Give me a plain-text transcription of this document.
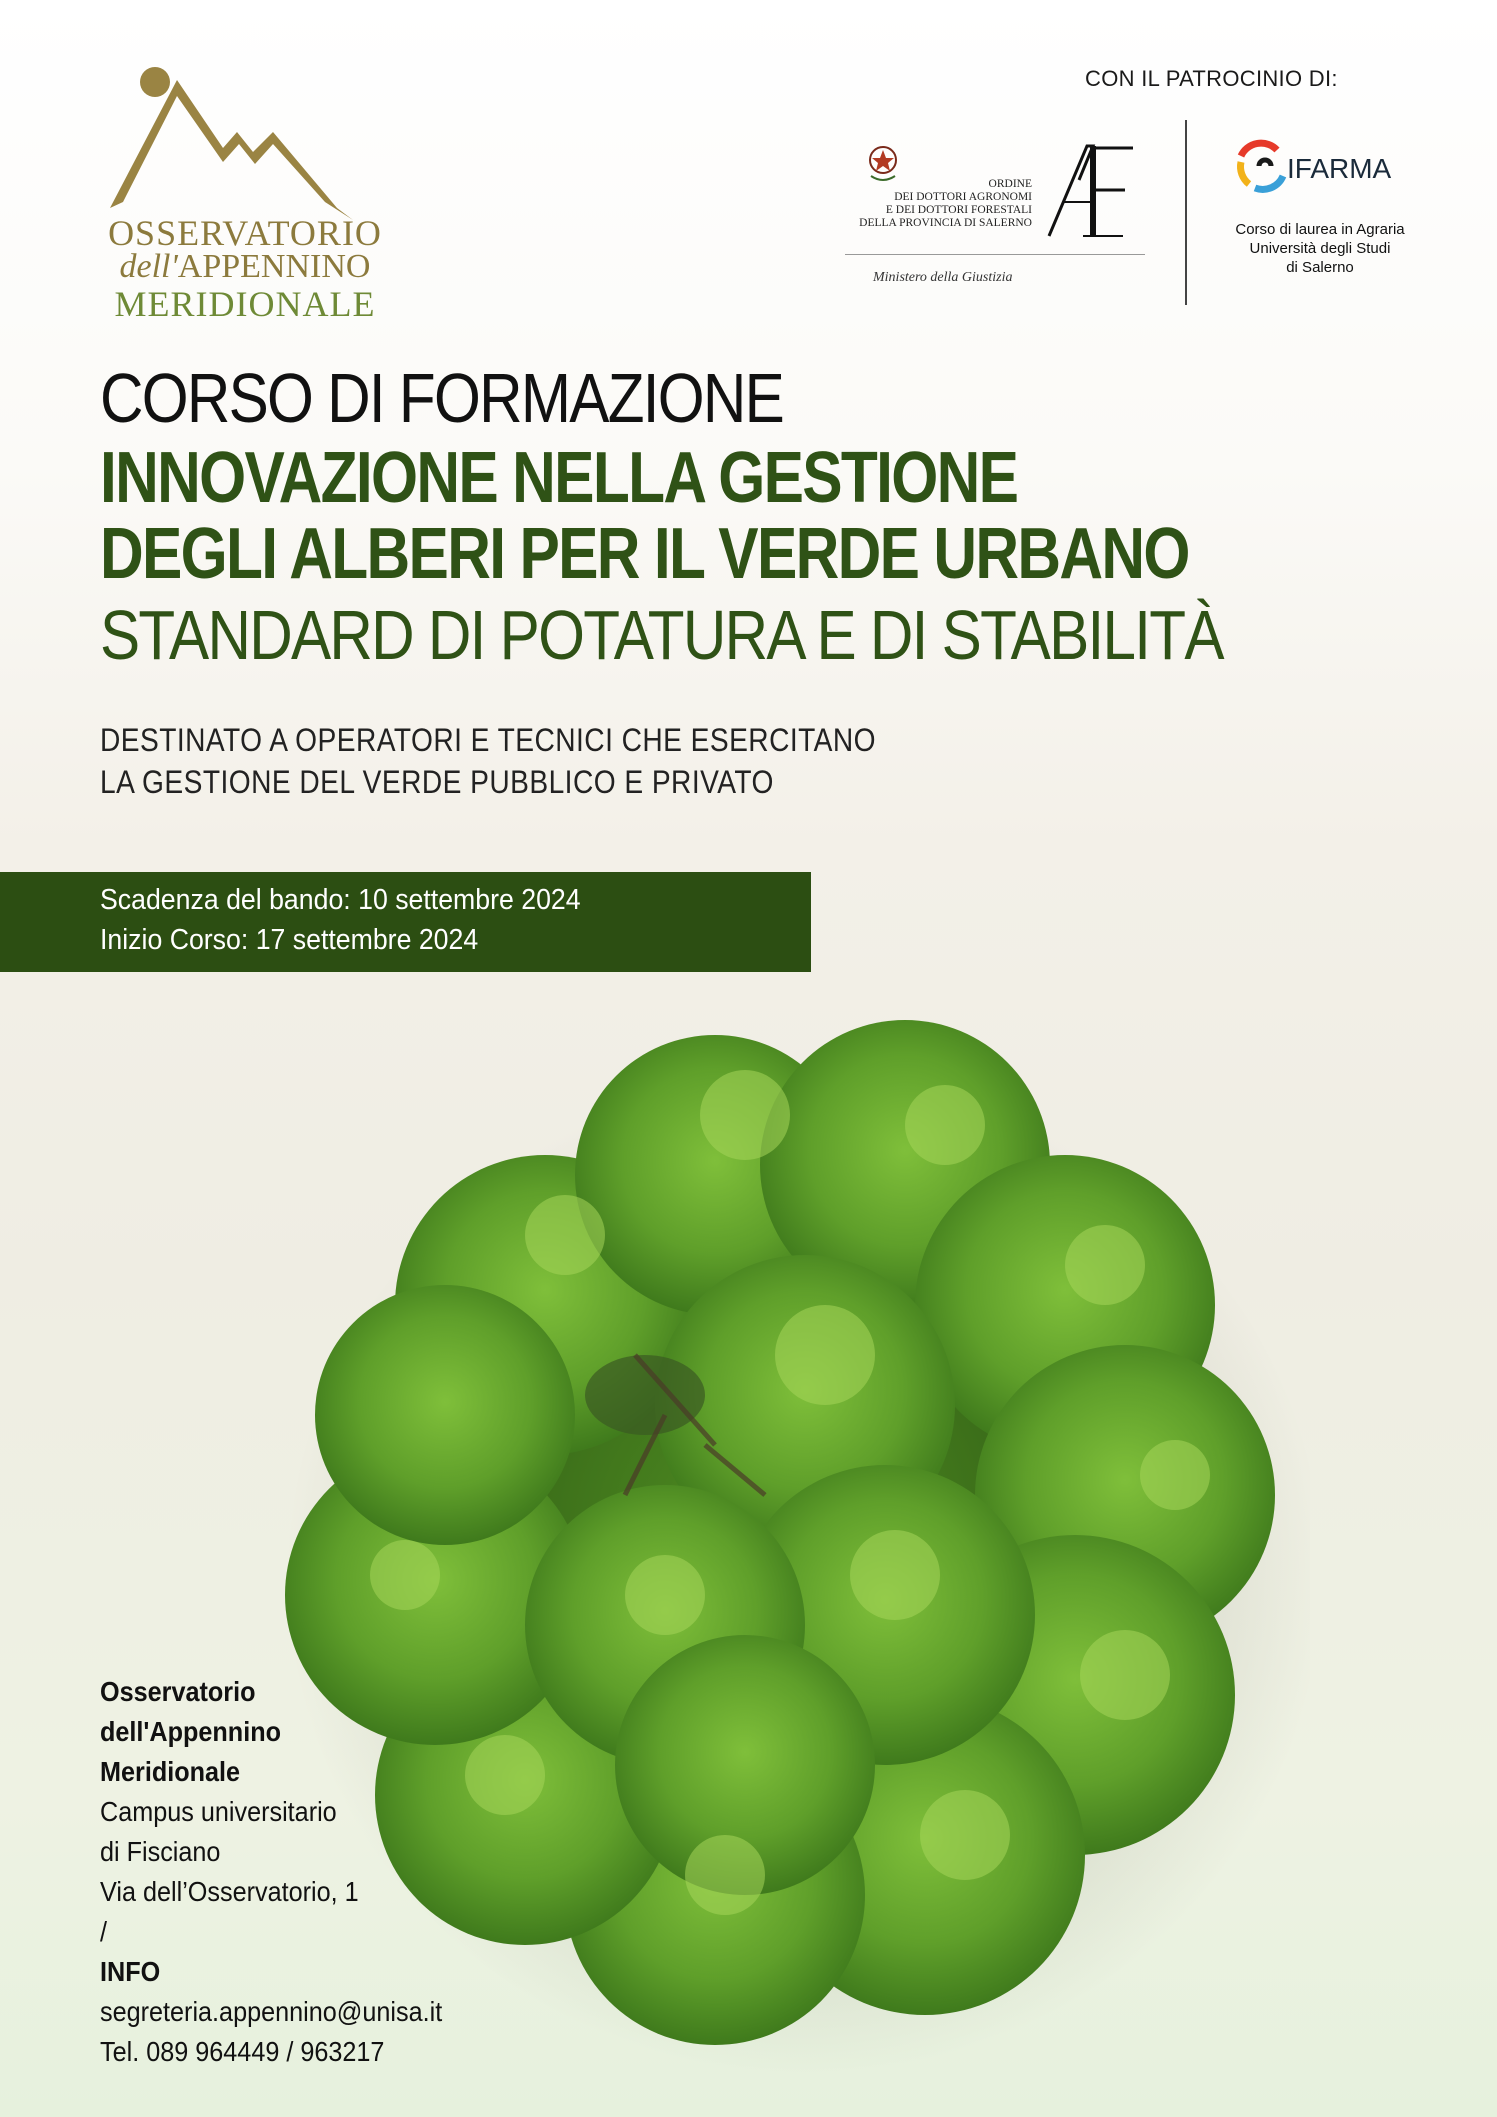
OSSERVATORIO
dell'APPENNINO
MERIDIONALE
CON IL PATROCINIO DI:
ORDINE
DEI DOTTORI AGRONOMI
E DEI DOTTORI FORESTALI
DELLA PROVINCIA DI SALERNO
Ministero della Giustizia
IFARMA
Corso di laurea in Agraria
Università degli Studi
di Salerno
CORSO DI FORMAZIONE
INNOVAZIONE NELLA GESTIONE
DEGLI ALBERI PER IL VERDE URBANO
STANDARD DI POTATURA E DI STABILITÀ
DESTINATO A OPERATORI E TECNICI CHE ESERCITANO
LA GESTIONE DEL VERDE PUBBLICO E PRIVATO
Scadenza del bando: 10 settembre 2024
Inizio Corso: 17 settembre 2024
Osservatorio
dell'Appennino
Meridionale
Campus universitario
di Fisciano
Via dell’Osservatorio, 1
/
INFO
segreteria.appennino@unisa.it
Tel. 089 964449 / 963217
